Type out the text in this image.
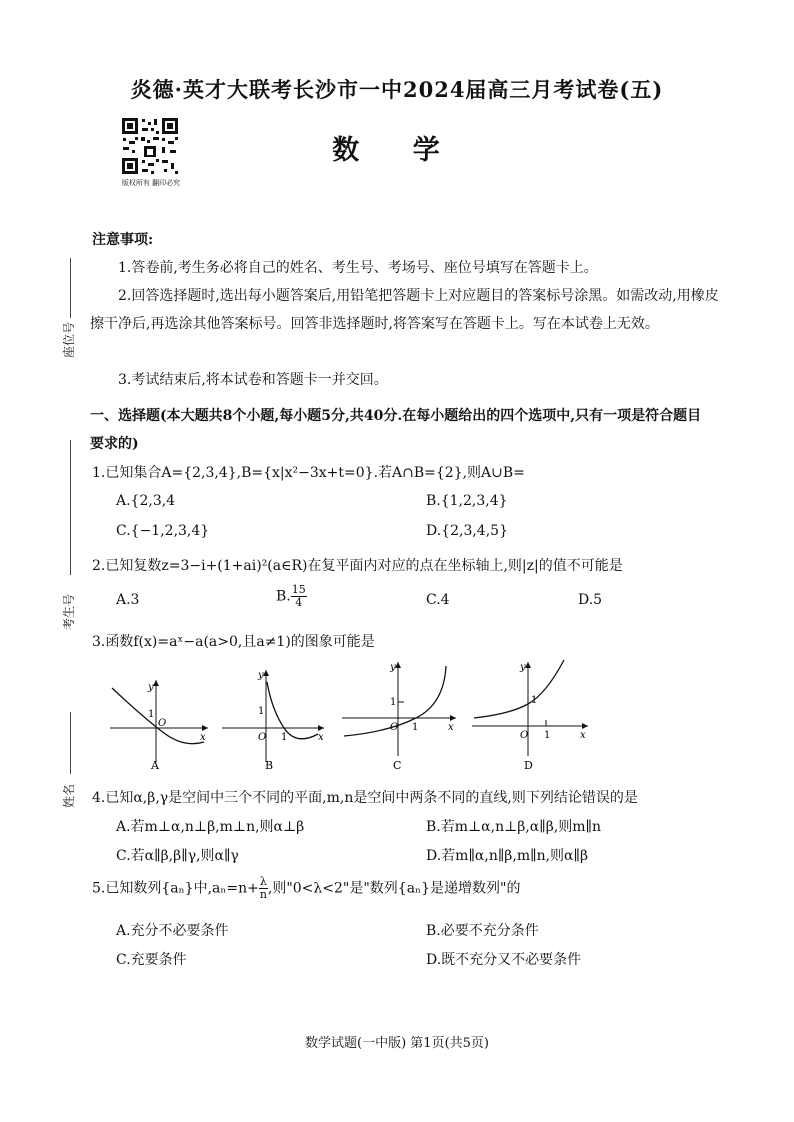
炎德·英才大联考长沙市一中2024届高三月考试卷(五)
数 学
版权所有 翻印必究
座位号
考生号
姓名
注意事项:
1.答卷前,考生务必将自己的姓名、考生号、考场号、座位号填写在答题卡上。
2.回答选择题时,选出每小题答案后,用铅笔把答题卡上对应题目的答案标号涂黑。如需改动,用橡皮擦干净后,再选涂其他答案标号。回答非选择题时,将答案写在答题卡上。写在本试卷上无效。
3.考试结束后,将本试卷和答题卡一并交回。
一、选择题(本大题共8个小题,每小题5分,共40分.在每小题给出的四个选项中,只有一项是符合题目要求的)
1.已知集合A={2,3,4},B={x|x²−3x+t=0}.若A∩B={2},则A∪B=
A.{2,3,4	B.{1,2,3,4}
C.{−1,2,3,4}	D.{2,3,4,5}
2.已知复数z=3−i+(1+ai)²(a∈R)在复平面内对应的点在坐标轴上,则|z|的值不可能是
A.3	B. $\frac{15}{4}$	C.4	D.5
3.函数f(x)=aˣ−a(a>0,且a≠1)的图象可能是
y
x
O
1
A
y
x
O
1
1
B
y
x
O
1
1
C
y
x
O
1
1
D
4.已知α,β,γ是空间中三个不同的平面,m,n是空间中两条不同的直线,则下列结论错误的是
A.若m⊥α,n⊥β,m⊥n,则α⊥β	B.若m⊥α,n⊥β,α∥β,则m∥n
C.若α∥β,β∥γ,则α∥γ	D.若m∥α,n∥β,m∥n,则α∥β
5.已知数列{aₙ}中$,a_n=n+ \frac{\lambda}{n}$ ,则"0<λ<2"是"数列{aₙ}是递增数列"的
A.充分不必要条件	B.必要不充分条件
C.充要条件	D.既不充分又不必要条件
数学试题(一中版) 第1页(共5页)
